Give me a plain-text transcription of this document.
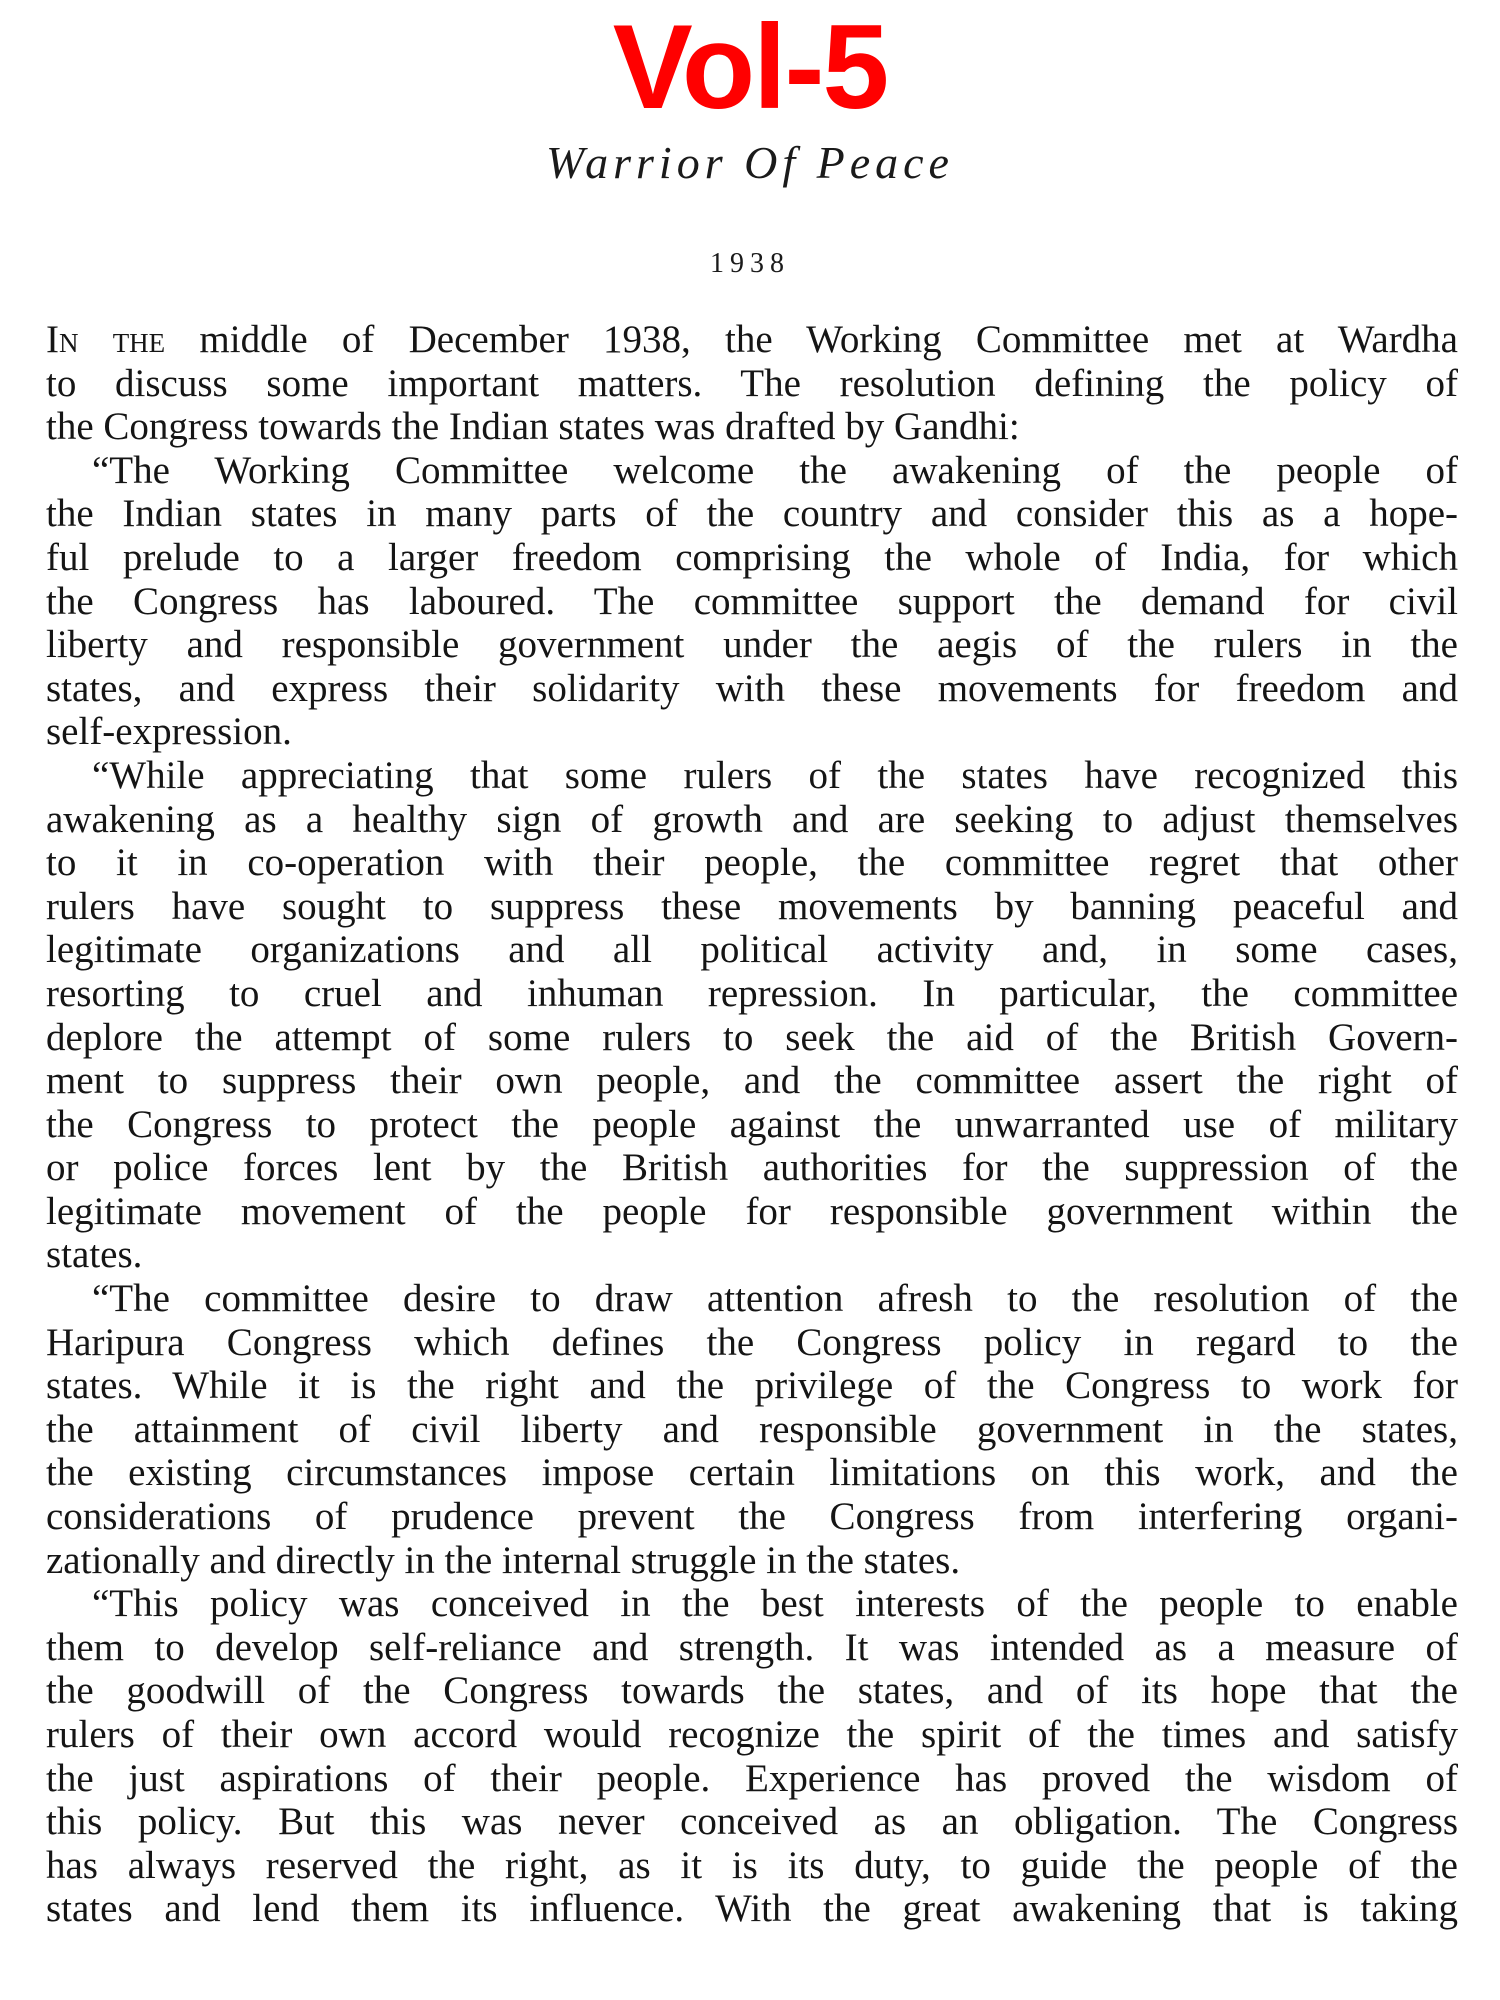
Vol-5
Warrior Of Peace
1938
In the middle of December 1938, the Working Committee met at Wardha
to discuss some important matters. The resolution defining the policy of
the Congress towards the Indian states was drafted by Gandhi:
“The Working Committee welcome the awakening of the people of
the Indian states in many parts of the country and consider this as a hope-
ful prelude to a larger freedom comprising the whole of India, for which
the Congress has laboured. The committee support the demand for civil
liberty and responsible government under the aegis of the rulers in the
states, and express their solidarity with these movements for freedom and
self-expression.
“While appreciating that some rulers of the states have recognized this
awakening as a healthy sign of growth and are seeking to adjust themselves
to it in co-operation with their people, the committee regret that other
rulers have sought to suppress these movements by banning peaceful and
legitimate organizations and all political activity and, in some cases,
resorting to cruel and inhuman repression. In particular, the committee
deplore the attempt of some rulers to seek the aid of the British Govern-
ment to suppress their own people, and the committee assert the right of
the Congress to protect the people against the unwarranted use of military
or police forces lent by the British authorities for the suppression of the
legitimate movement of the people for responsible government within the
states.
“The committee desire to draw attention afresh to the resolution of the
Haripura Congress which defines the Congress policy in regard to the
states. While it is the right and the privilege of the Congress to work for
the attainment of civil liberty and responsible government in the states,
the existing circumstances impose certain limitations on this work, and the
considerations of prudence prevent the Congress from interfering organi-
zationally and directly in the internal struggle in the states.
“This policy was conceived in the best interests of the people to enable
them to develop self-reliance and strength. It was intended as a measure of
the goodwill of the Congress towards the states, and of its hope that the
rulers of their own accord would recognize the spirit of the times and satisfy
the just aspirations of their people. Experience has proved the wisdom of
this policy. But this was never conceived as an obligation. The Congress
has always reserved the right, as it is its duty, to guide the people of the
states and lend them its influence. With the great awakening that is taking
